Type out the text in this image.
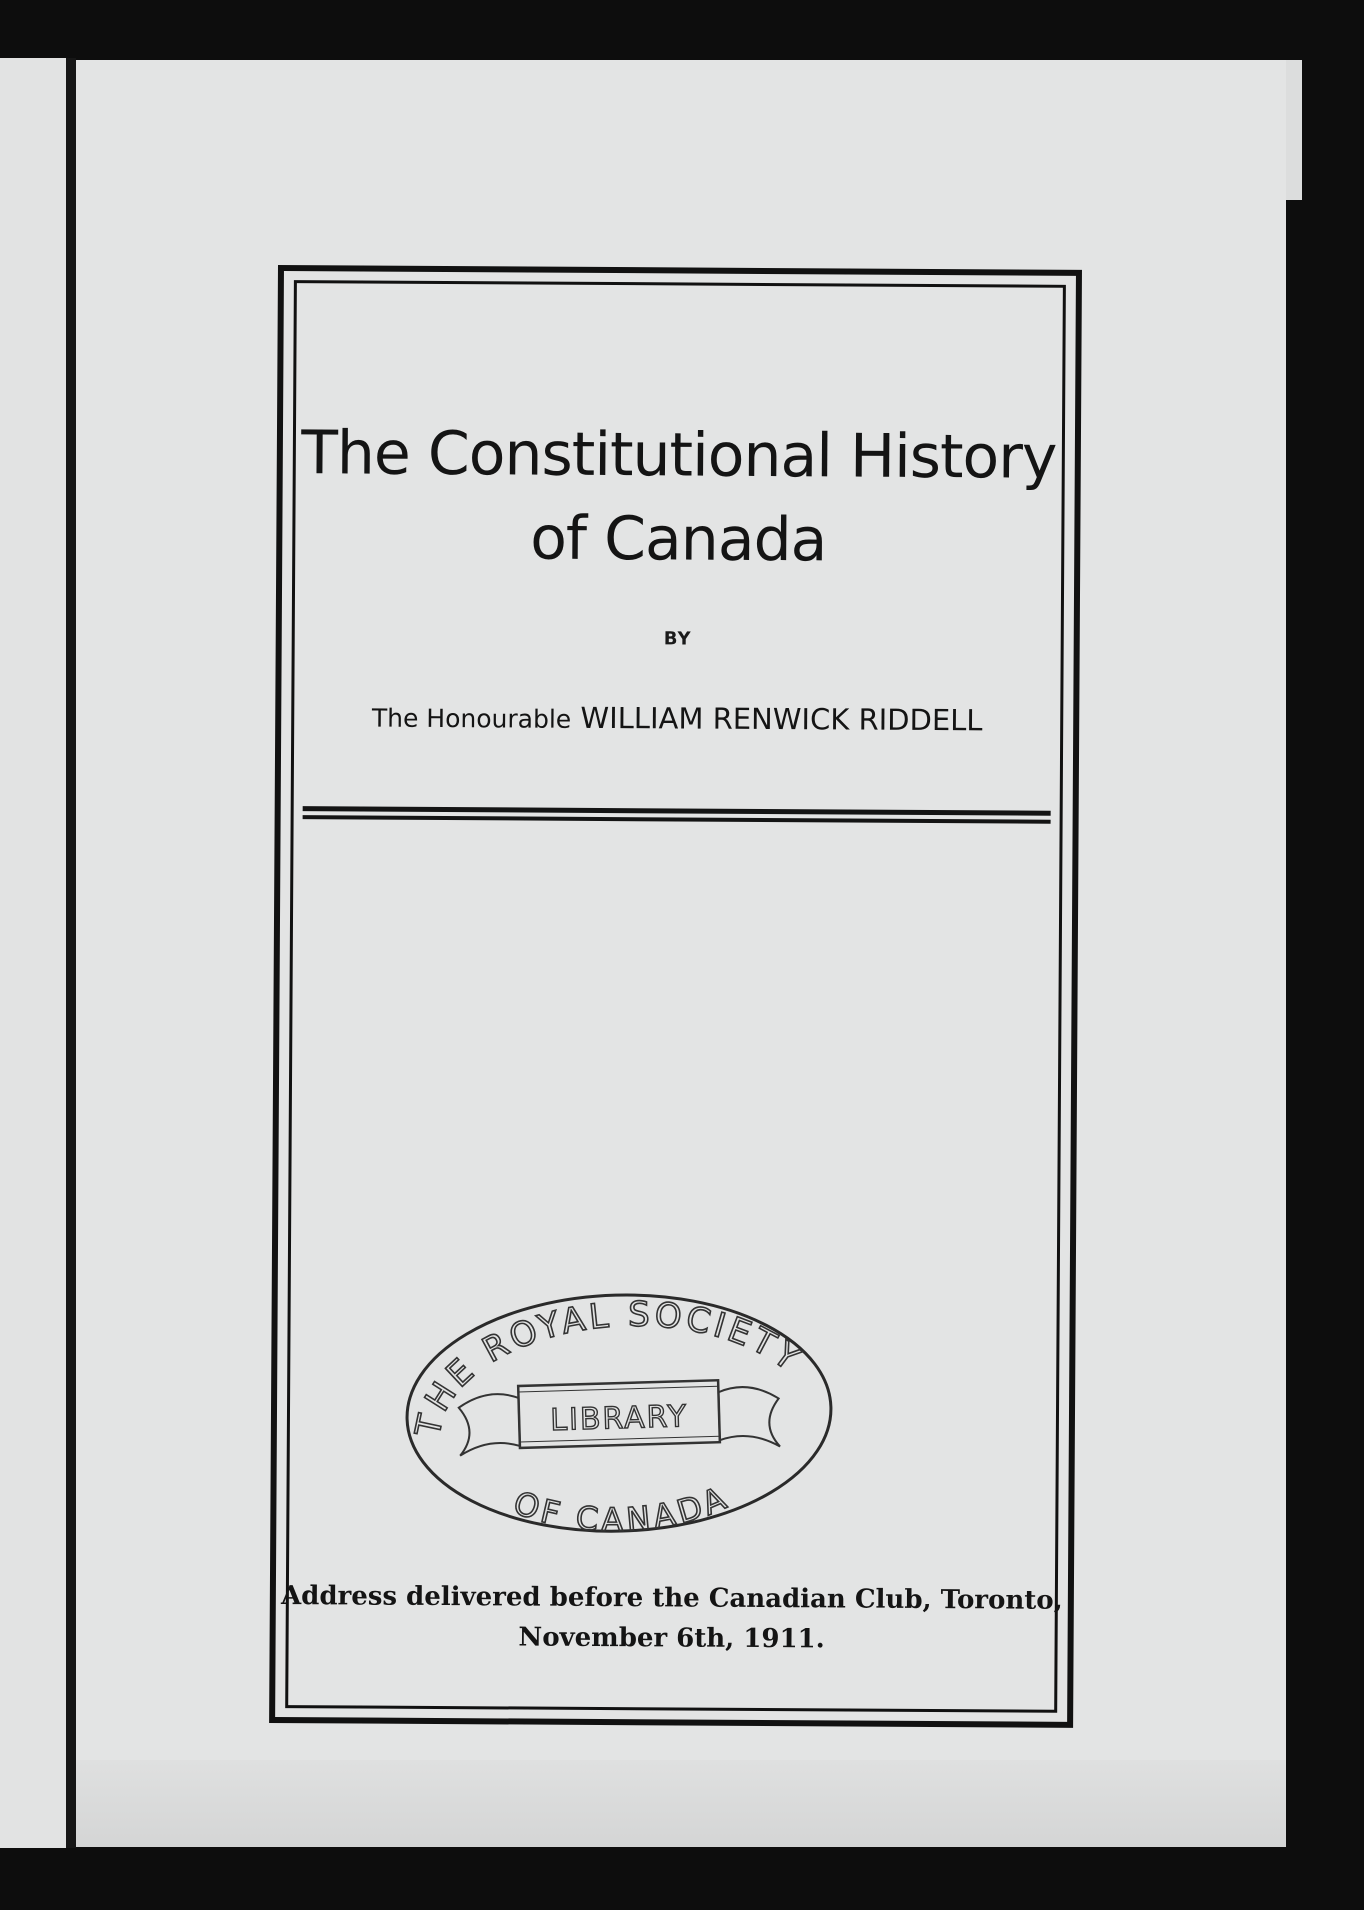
The Constitutional History
of Canada
BY
The Honourable WILLIAM RENWICK RIDDELL
THE ROYAL SOCIETY
LIBRARY
OF CANADA
Address delivered before the Canadian Club, Toronto,
November 6th, 1911.
